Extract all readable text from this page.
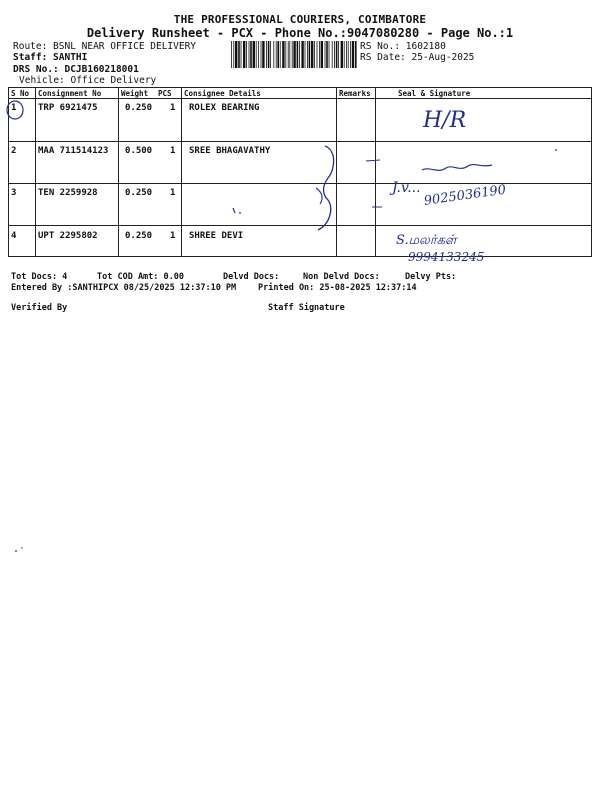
THE PROFESSIONAL COURIERS, COIMBATORE
Delivery Runsheet - PCX - Phone No.:9047080280 - Page No.:1
Route: BSNL NEAR OFFICE DELIVERY
Staff: SANTHI
DRS No.: DCJB160218001
Vehicle: Office Delivery
RS No.: 1602180
RS Date: 25-Aug-2025
S No Consignment No	Weight PCS Consignee Details	Remarks	Seal & Signature
1 TRP 6921475	0.250 1 ROLEX BEARING
2 MAA 711514123 0.500 1 SREE BHAGAVATHY
3 TEN 2259928	0.250 1
4 UPT 2295802	0.250 1 SHREE DEVI
H/R
J.v... 9025036190
S.மலர்கள்
9994133245
Tot Docs: 4	Tot COD Amt: 0.00	Delvd Docs:	Non Delvd Docs:	Delvy Pts:
Entered By :SANTHIPCX 08/25/2025 12:37:10 PM	Printed On: 25-08-2025 12:37:14
Verified By	Staff Signature
